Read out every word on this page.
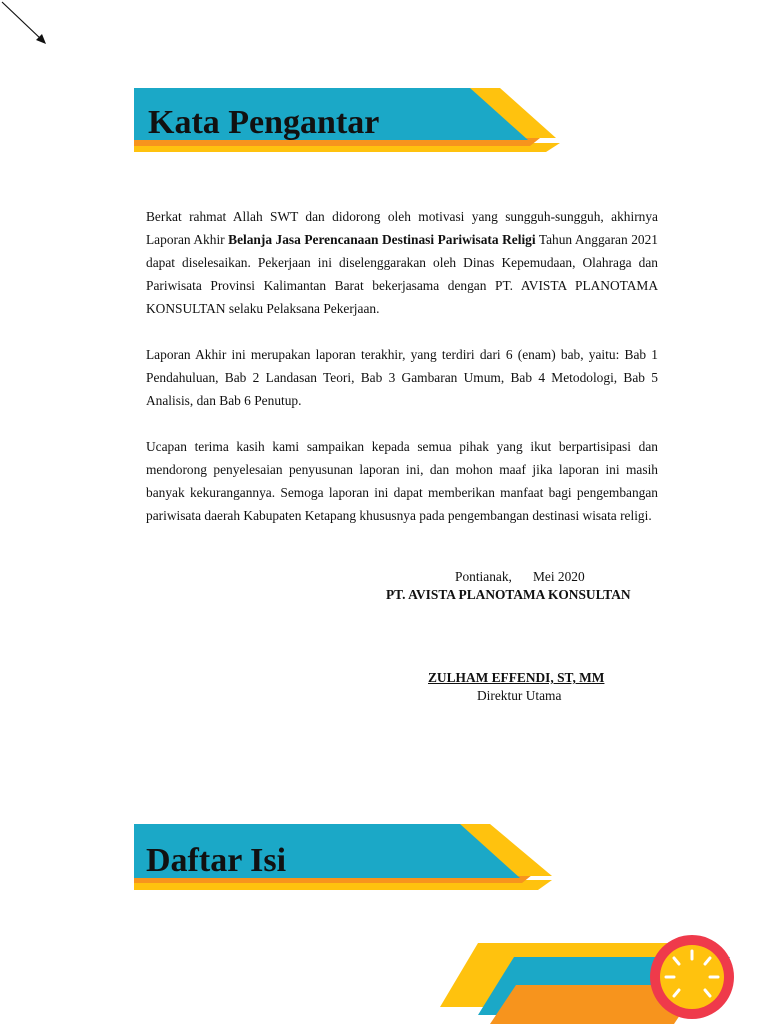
Kata Pengantar
Berkat rahmat Allah SWT dan didorong oleh motivasi yang sungguh-sungguh, akhirnya Laporan Akhir Belanja Jasa Perencanaan Destinasi Pariwisata Religi Tahun Anggaran 2021 dapat diselesaikan. Pekerjaan ini diselenggarakan oleh Dinas Kepemudaan, Olahraga dan Pariwisata Provinsi Kalimantan Barat bekerjasama dengan PT. AVISTA PLANOTAMA KONSULTAN selaku Pelaksana Pekerjaan.
Laporan Akhir ini merupakan laporan terakhir, yang terdiri dari 6 (enam) bab, yaitu: Bab 1 Pendahuluan, Bab 2 Landasan Teori, Bab 3 Gambaran Umum, Bab 4 Metodologi, Bab 5 Analisis, dan Bab 6 Penutup.
Ucapan terima kasih kami sampaikan kepada semua pihak yang ikut berpartisipasi dan mendorong penyelesaian penyusunan laporan ini, dan mohon maaf jika laporan ini masih banyak kekurangannya. Semoga laporan ini dapat memberikan manfaat bagi pengembangan pariwisata daerah Kabupaten Ketapang khususnya pada pengembangan destinasi wisata religi.
Pontianak, Mei 2020
PT. AVISTA PLANOTAMA KONSULTAN
ZULHAM EFFENDI, ST, MM
Direktur Utama
Daftar Isi
